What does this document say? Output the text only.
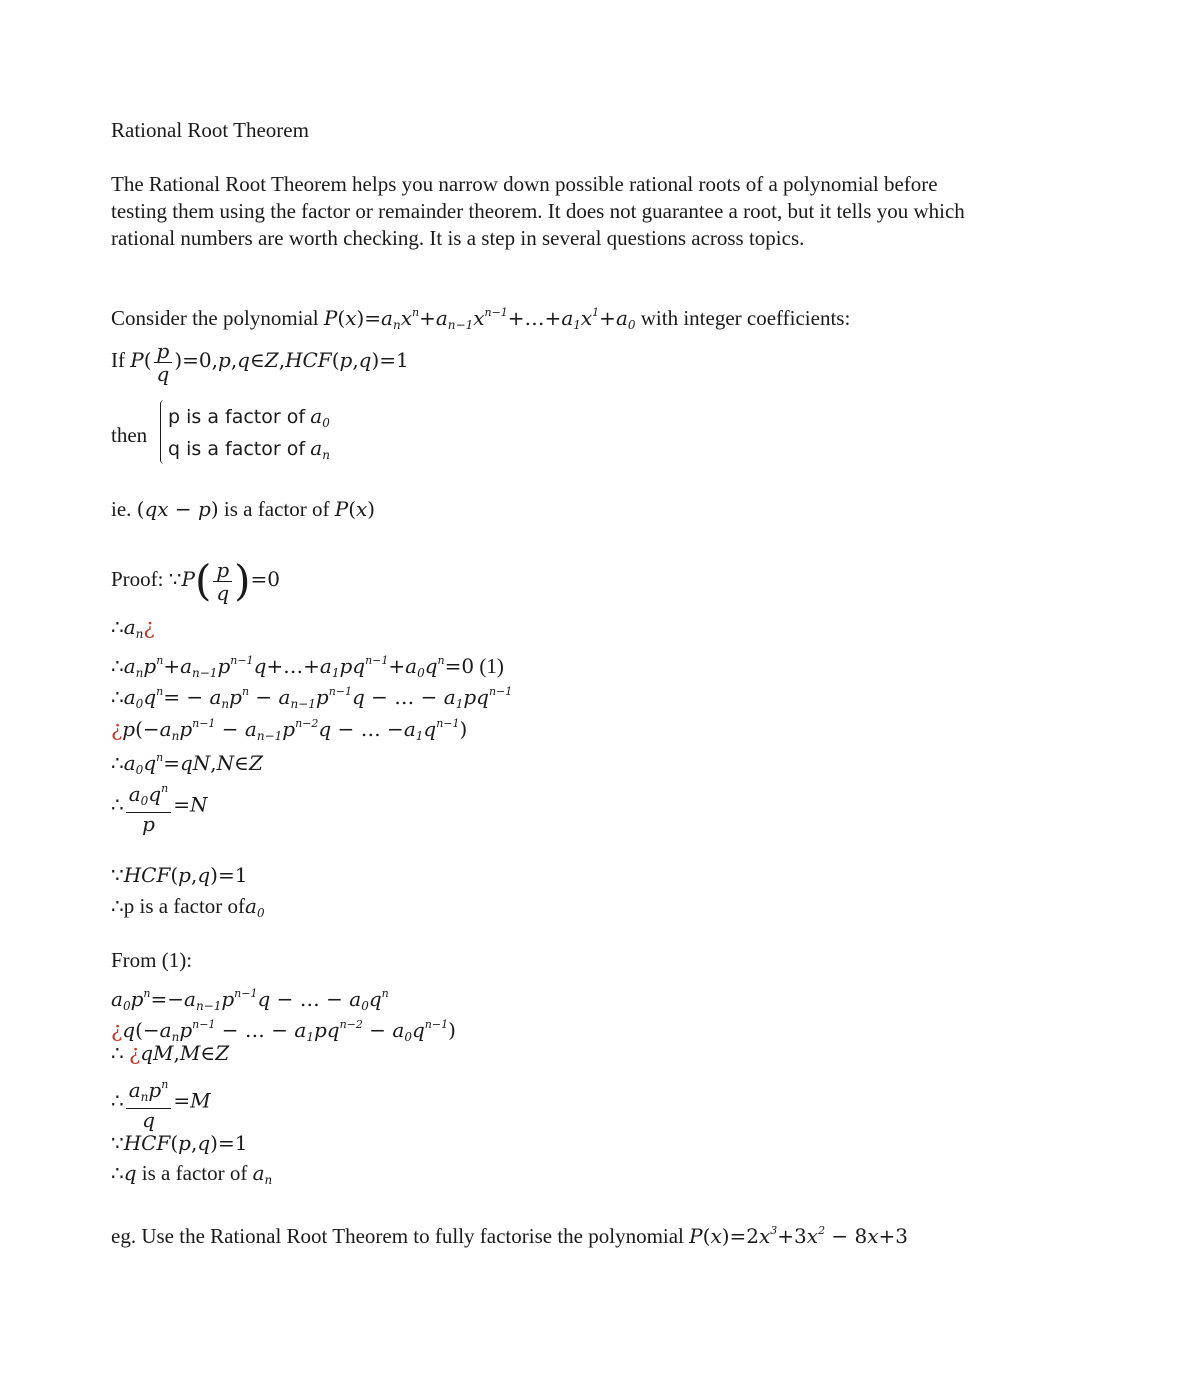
Rational Root Theorem
The Rational Root Theorem helps you narrow down possible rational roots of a polynomial before
testing them using the factor or remainder theorem. It does not guarantee a root, but it tells you which
rational numbers are worth checking. It is a step in several questions across topics.
Consider the polynomial $P(x)=a_nx^n+a_{n-1}x^{n-1}+\dots+a_1x^1+a_0$ with integer coefficients:
If $P( \frac{p}{q}$ )=0,p,q∈Z,HCF(p,q)=1
then
p is a factor of $a_0$
q is a factor of $a_n$
ie. (qx − p) is a factor of P(x)
Proof: ∵P( $\frac{p}{q} )=0$
$\therefore a_n¿$
$\therefore a_np^n+a_{n-1}p^{n-1}q+\dots+a_1pq^{n-1}+a_0q^n=0$ (1)
$\therefore a_0q^n= - a_np^n - a_{n-1}p^{n-1}q$ − … − $a_1pq^{n-1}$
¿$p(-a_np^{n-1} - a_{n-1}p^{n-2}q$ − … $-a_1q^{n-1}$)
$\therefore a_0q^n=qN,N\in Z$
∴ $\frac{a_0q^n}{p} =N$
∵HCF(p,q)=1
∴p is a factor ofa$_0$
From (1):
$a_0p^n=-a_{n-1}p^{n-1}q$ − … − $a_0q^n$
¿$q(-a_np^{n-1}$ − … − $a_1pq^{n-2} - a_0q^{n-1}$)
∴ ¿qM,M∈Z
∴ $\frac{a_np^n}{q} =M$
∵HCF(p,q)=1
∴q is a factor of $a_n$
eg. Use the Rational Root Theorem to fully factorise the polynomial $P(x)=2x^3+3x^2 - 8x+3$
